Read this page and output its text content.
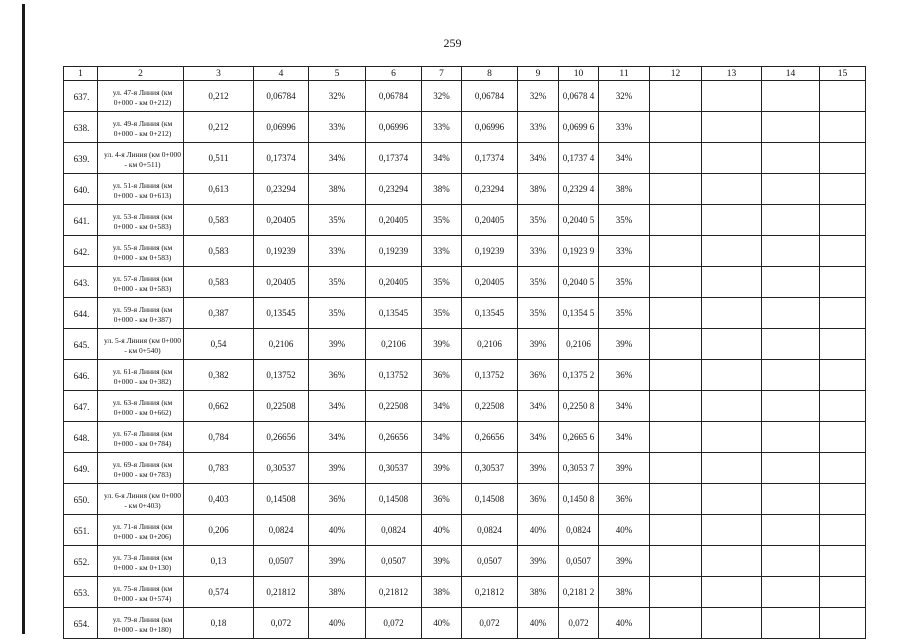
259
1	2	3	4	5	6	7	8	9	10	11	12	13	14	15
637.	ул. 47-я Линия (км 0+000 - км 0+212)	0,212	0,06784	32%	0,06784	32%	0,06784	32%	0,0678 4	32%				
638.	ул. 49-я Линия (км 0+000 - км 0+212)	0,212	0,06996	33%	0,06996	33%	0,06996	33%	0,0699 6	33%				
639.	ул. 4-я Линия (км 0+000 - км 0+511)	0,511	0,17374	34%	0,17374	34%	0,17374	34%	0,1737 4	34%				
640.	ул. 51-я Линия (км 0+000 - км 0+613)	0,613	0,23294	38%	0,23294	38%	0,23294	38%	0,2329 4	38%				
641.	ул. 53-я Линия (км 0+000 - км 0+583)	0,583	0,20405	35%	0,20405	35%	0,20405	35%	0,2040 5	35%				
642.	ул. 55-я Линия (км 0+000 - км 0+583)	0,583	0,19239	33%	0,19239	33%	0,19239	33%	0,1923 9	33%				
643.	ул. 57-я Линия (км 0+000 - км 0+583)	0,583	0,20405	35%	0,20405	35%	0,20405	35%	0,2040 5	35%				
644.	ул. 59-я Линия (км 0+000 - км 0+387)	0,387	0,13545	35%	0,13545	35%	0,13545	35%	0,1354 5	35%				
645.	ул. 5-я Линия (км 0+000 - км 0+540)	0,54	0,2106	39%	0,2106	39%	0,2106	39%	0,2106	39%				
646.	ул. 61-я Линия (км 0+000 - км 0+382)	0,382	0,13752	36%	0,13752	36%	0,13752	36%	0,1375 2	36%				
647.	ул. 63-я Линия (км 0+000 - км 0+662)	0,662	0,22508	34%	0,22508	34%	0,22508	34%	0,2250 8	34%				
648.	ул. 67-я Линия (км 0+000 - км 0+784)	0,784	0,26656	34%	0,26656	34%	0,26656	34%	0,2665 6	34%				
649.	ул. 69-я Линия (км 0+000 - км 0+783)	0,783	0,30537	39%	0,30537	39%	0,30537	39%	0,3053 7	39%				
650.	ул. 6-я Линия (км 0+000 - км 0+403)	0,403	0,14508	36%	0,14508	36%	0,14508	36%	0,1450 8	36%				
651.	ул. 71-я Линия (км 0+000 - км 0+206)	0,206	0,0824	40%	0,0824	40%	0,0824	40%	0,0824	40%				
652.	ул. 73-я Линия (км 0+000 - км 0+130)	0,13	0,0507	39%	0,0507	39%	0,0507	39%	0,0507	39%				
653.	ул. 75-я Линия (км 0+000 - км 0+574)	0,574	0,21812	38%	0,21812	38%	0,21812	38%	0,2181 2	38%				
654.	ул. 79-я Линия (км 0+000 - км 0+180)	0,18	0,072	40%	0,072	40%	0,072	40%	0,072	40%				
